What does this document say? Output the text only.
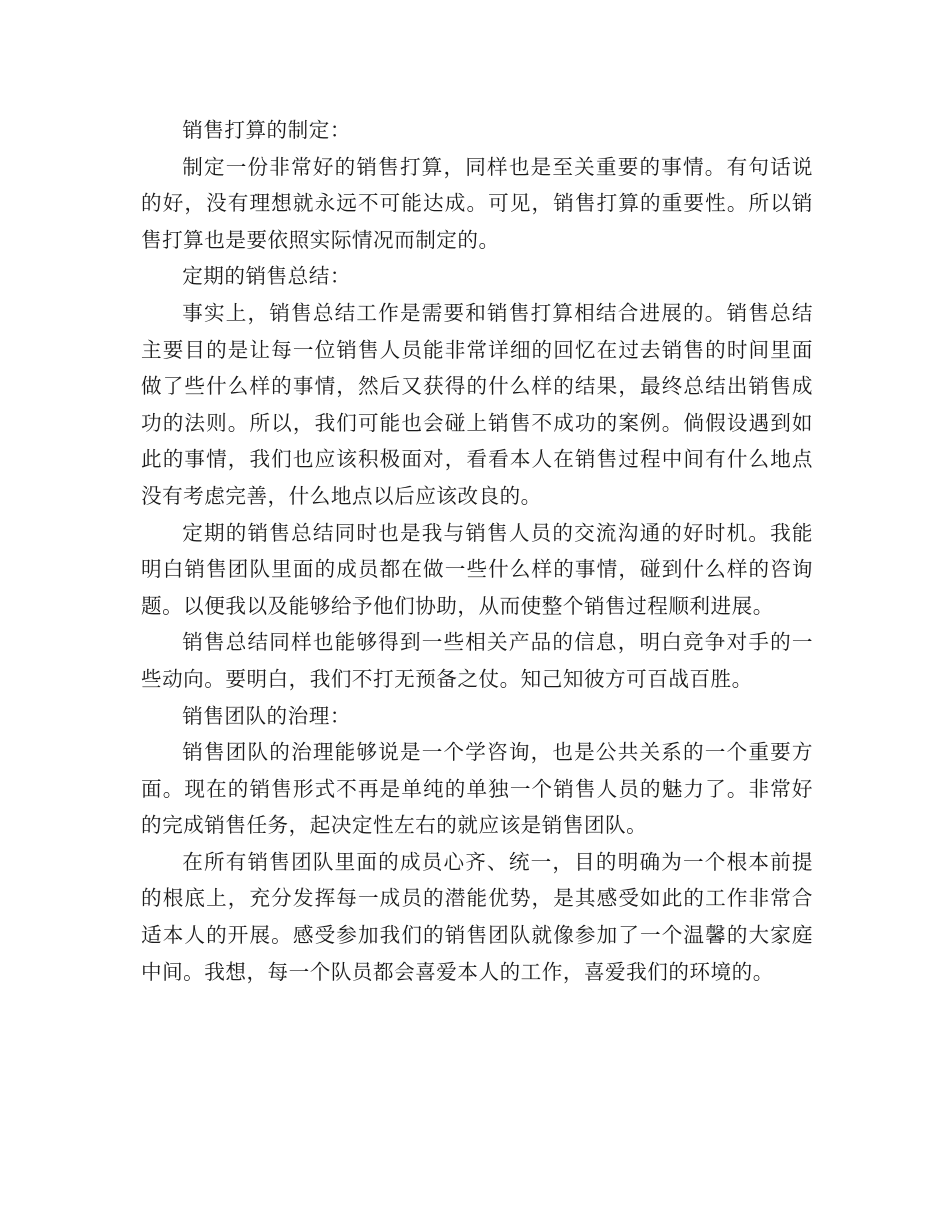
销售打算的制定：

制定一份非常好的销售打算，同样也是至关重要的事情。有句话说的好，没有理想就永远不可能达成。可见，销售打算的重要性。所以销售打算也是要依照实际情况而制定的。

定期的销售总结：

事实上，销售总结工作是需要和销售打算相结合进展的。销售总结主要目的是让每一位销售人员能非常详细的回忆在过去销售的时间里面做了些什么样的事情，然后又获得的什么样的结果，最终总结出销售成功的法则。所以，我们可能也会碰上销售不成功的案例。倘假设遇到如此的事情，我们也应该积极面对，看看本人在销售过程中间有什么地点没有考虑完善，什么地点以后应该改良的。

定期的销售总结同时也是我与销售人员的交流沟通的好时机。我能明白销售团队里面的成员都在做一些什么样的事情，碰到什么样的咨询题。以便我以及能够给予他们协助，从而使整个销售过程顺利进展。

销售总结同样也能够得到一些相关产品的信息，明白竞争对手的一些动向。要明白，我们不打无预备之仗。知己知彼方可百战百胜。

销售团队的治理：

销售团队的治理能够说是一个学咨询，也是公共关系的一个重要方面。现在的销售形式不再是单纯的单独一个销售人员的魅力了。非常好的完成销售任务，起决定性左右的就应该是销售团队。

在所有销售团队里面的成员心齐、统一，目的明确为一个根本前提的根底上，充分发挥每一成员的潜能优势，是其感受如此的工作非常合适本人的开展。感受参加我们的销售团队就像参加了一个温馨的大家庭中间。我想，每一个队员都会喜爱本人的工作，喜爱我们的环境的。
